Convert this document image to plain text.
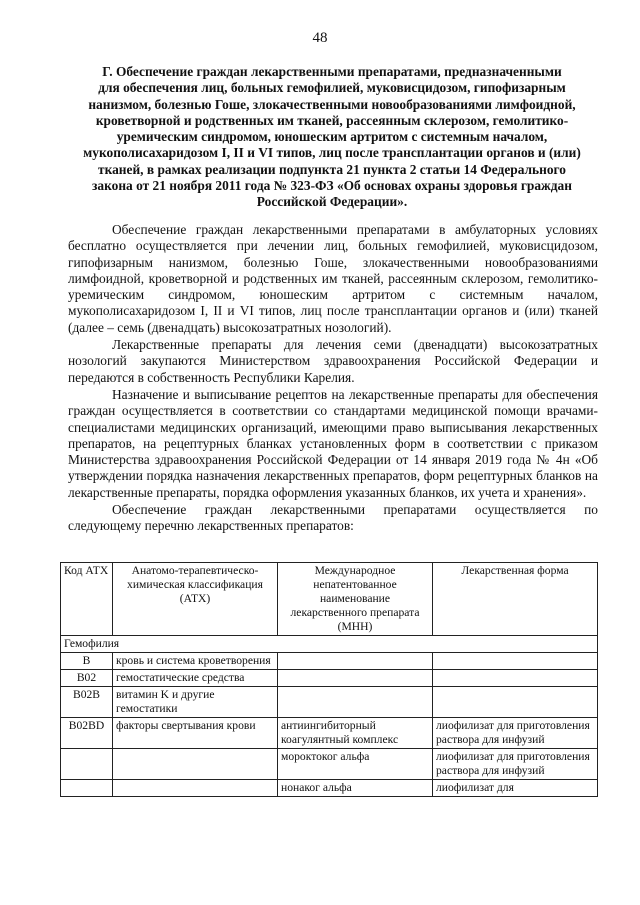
48
Г. Обеспечение граждан лекарственными препаратами, предназначенными
для обеспечения лиц, больных гемофилией, муковисцидозом, гипофизарным
нанизмом, болезнью Гоше, злокачественными новообразованиями лимфоидной,
кроветворной и родственных им тканей, рассеянным склерозом, гемолитико-
уремическим синдромом, юношеским артритом с системным началом,
мукополисахаридозом I, II и VI типов, лиц после трансплантации органов и (или)
тканей, в рамках реализации подпункта 21 пункта 2 статьи 14 Федерального
закона от 21 ноября 2011 года № 323-ФЗ «Об основах охраны здоровья граждан
Российской Федерации».

Обеспечение граждан лекарственными препаратами в амбулаторных условиях бесплатно осуществляется при лечении лиц, больных гемофилией, муковисцидозом, гипофизарным нанизмом, болезнью Гоше, злокачественными новообразованиями лимфоидной, кроветворной и родственных им тканей, рассеянным склерозом, гемолитико-уремическим синдромом, юношеским артритом с системным началом, мукополисахаридозом I, II и VI типов, лиц после трансплантации органов и (или) тканей (далее – семь (двенадцать) высокозатратных нозологий).

Лекарственные препараты для лечения семи (двенадцати) высокозатратных нозологий закупаются Министерством здравоохранения Российской Федерации и передаются в собственность Республики Карелия.

Назначение и выписывание рецептов на лекарственные препараты для обеспечения граждан осуществляется в соответствии со стандартами медицинской помощи врачами-специалистами медицинских организаций, имеющими право выписывания лекарственных препаратов, на рецептурных бланках установленных форм в соответствии с приказом Министерства здравоохранения Российской Федерации от 14 января 2019 года № 4н «Об утверждении порядка назначения лекарственных препаратов, форм рецептурных бланков на лекарственные препараты, порядка оформления указанных бланков, их учета и хранения».

Обеспечение граждан лекарственными препаратами осуществляется по следующему перечню лекарственных препаратов:

Код АТХ	Анатомо-терапевтическо-химическая классификация (АТХ)	Международное непатентованное наименование лекарственного препарата (МНН)	Лекарственная форма
Гемофилия			
B	кровь и система кроветворения		
B02	гемостатические средства		
B02B	витамин K и другие гемостатики		
B02BD	факторы свертывания крови	антиингибиторный коагулянтный комплекс	лиофилизат для приготовления раствора для инфузий
		мороктоког альфа	лиофилизат для приготовления раствора для инфузий
		нонаког альфа	лиофилизат для
